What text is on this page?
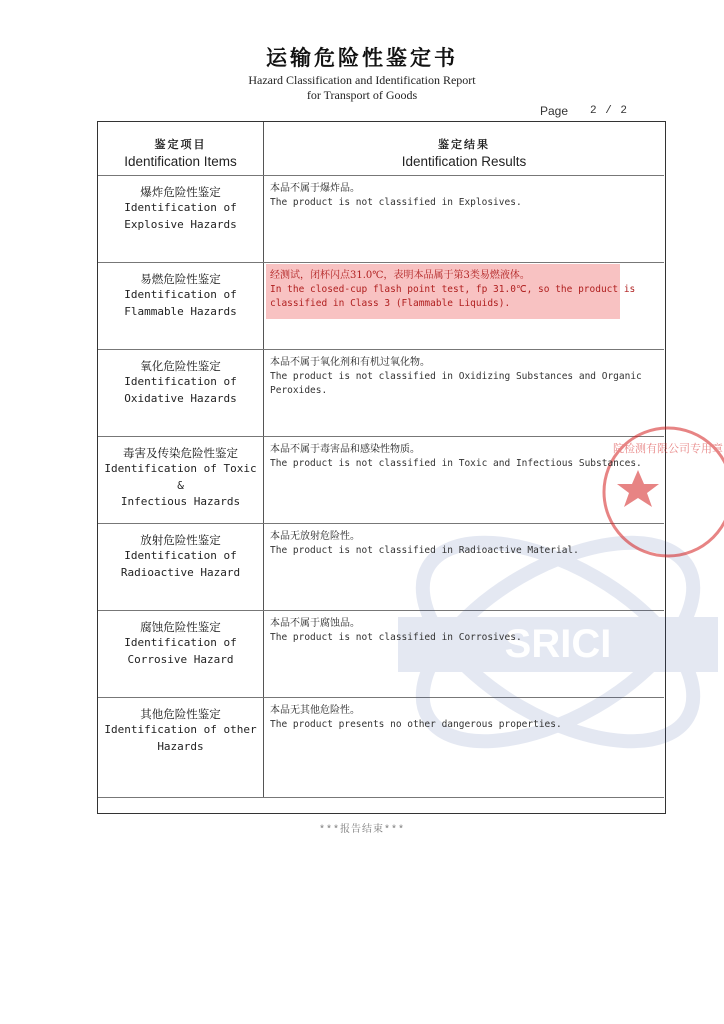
运输危险性鉴定书
Hazard Classification and Identification Report
for Transport of Goods
Page 2 / 2
鉴定项目
Identification Items
鉴定结果
Identification Results
SRICI
院检测有限公司专用章
爆炸危险性鉴定
Identification of
Explosive Hazards
本品不属于爆炸品。
The product is not classified in Explosives.
易燃危险性鉴定
Identification of
Flammable Hazards
经测试，闭杯闪点31.0℃，表明本品属于第3类易燃液体。
In the closed-cup flash point test, fp 31.0℃, so the product is
classified in Class 3 (Flammable Liquids).
氧化危险性鉴定
Identification of
Oxidative Hazards
本品不属于氧化剂和有机过氧化物。
The product is not classified in Oxidizing Substances and Organic
Peroxides.
毒害及传染危险性鉴定
Identification of Toxic &
Infectious Hazards
本品不属于毒害品和感染性物质。
The product is not classified in Toxic and Infectious Substances.
放射危险性鉴定
Identification of
Radioactive Hazard
本品无放射危险性。
The product is not classified in Radioactive Material.
腐蚀危险性鉴定
Identification of
Corrosive Hazard
本品不属于腐蚀品。
The product is not classified in Corrosives.
其他危险性鉴定
Identification of other
Hazards
本品无其他危险性。
The product presents no other dangerous properties.
***报告结束***
